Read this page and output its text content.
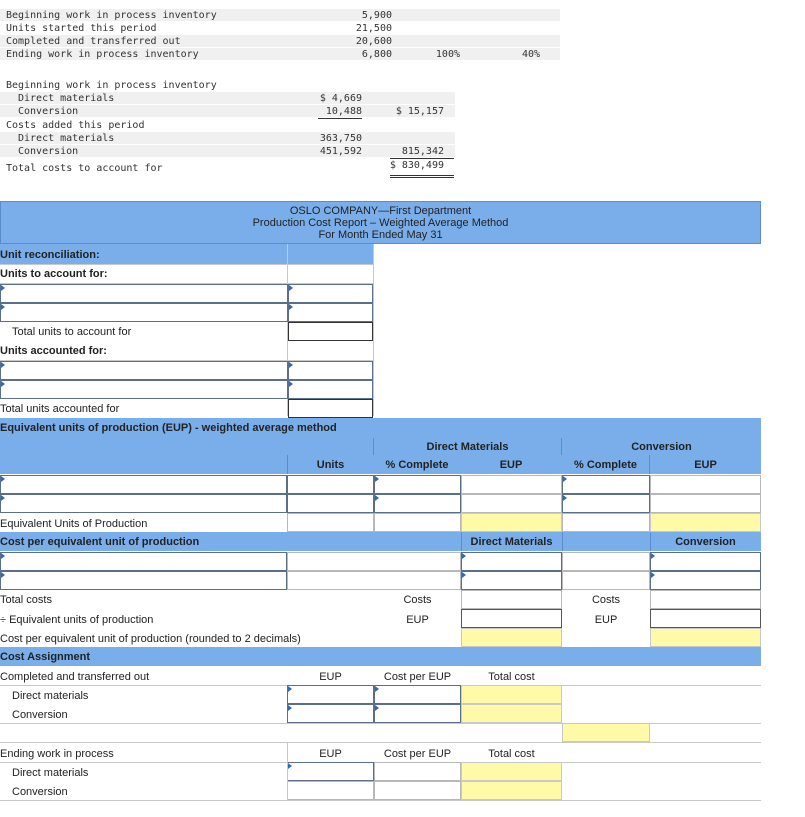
Beginning work in process inventory	5,900
Units started this period	21,500
Completed and transferred out	20,600
Ending work in process inventory	6,800	100%	40%
Beginning work in process inventory
Direct materials	$ 4,669
Conversion	10,488	$ 15,157
Costs added this period
Direct materials	363,750
Conversion	451,592	815,342
Total costs to account for	$ 830,499
OSLO COMPANY—First Department
Production Cost Report – Weighted Average Method
For Month Ended May 31
Unit reconciliation:
Units to account for:
Total units to account for
Units accounted for:
Total units accounted for
Equivalent units of production (EUP) - weighted average method
Direct Materials	Conversion
Units	% Complete	EUP	% Complete	EUP
Equivalent Units of Production
Cost per equivalent unit of production	Direct Materials	Conversion
Total costs	Costs	Costs
÷ Equivalent units of production	EUP	EUP
Cost per equivalent unit of production (rounded to 2 decimals)
Cost Assignment
Completed and transferred out	EUP	Cost per EUP	Total cost
Direct materials
Conversion
Ending work in process	EUP	Cost per EUP	Total cost
Direct materials
Conversion
